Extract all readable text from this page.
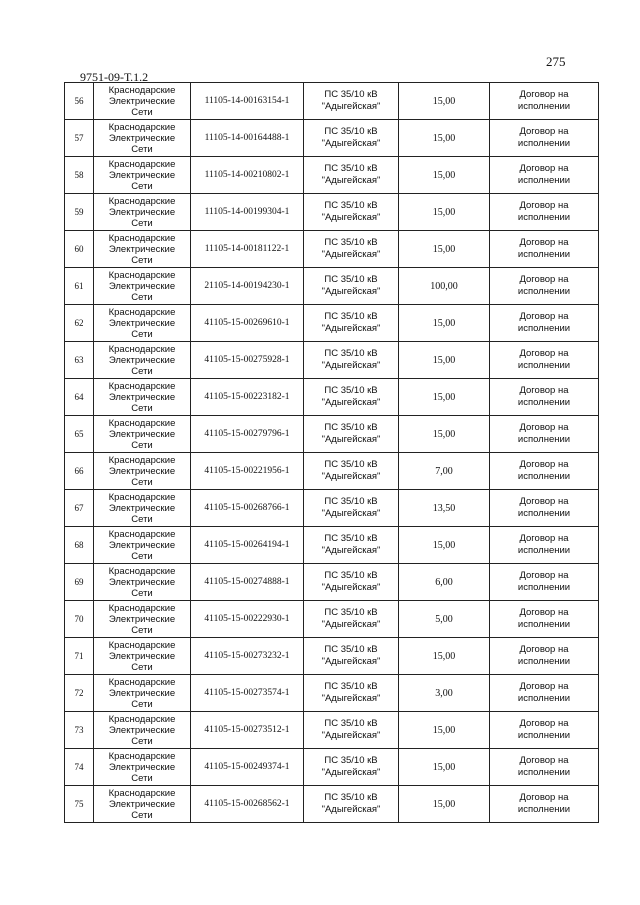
275
9751-09-Т.1.2
56	Краснодарские
Электрические
Сети	11105-14-00163154-1	ПС 35/10 кВ
"Адыгейская"	15,00	Договор на
исполнении

57	Краснодарские
Электрические
Сети	11105-14-00164488-1	ПС 35/10 кВ
"Адыгейская"	15,00	Договор на
исполнении

58	Краснодарские
Электрические
Сети	11105-14-00210802-1	ПС 35/10 кВ
"Адыгейская"	15,00	Договор на
исполнении

59	Краснодарские
Электрические
Сети	11105-14-00199304-1	ПС 35/10 кВ
"Адыгейская"	15,00	Договор на
исполнении

60	Краснодарские
Электрические
Сети	11105-14-00181122-1	ПС 35/10 кВ
"Адыгейская"	15,00	Договор на
исполнении

61	Краснодарские
Электрические
Сети	21105-14-00194230-1	ПС 35/10 кВ
"Адыгейская"	100,00	Договор на
исполнении

62	Краснодарские
Электрические
Сети	41105-15-00269610-1	ПС 35/10 кВ
"Адыгейская"	15,00	Договор на
исполнении

63	Краснодарские
Электрические
Сети	41105-15-00275928-1	ПС 35/10 кВ
"Адыгейская"	15,00	Договор на
исполнении

64	Краснодарские
Электрические
Сети	41105-15-00223182-1	ПС 35/10 кВ
"Адыгейская"	15,00	Договор на
исполнении

65	Краснодарские
Электрические
Сети	41105-15-00279796-1	ПС 35/10 кВ
"Адыгейская"	15,00	Договор на
исполнении

66	Краснодарские
Электрические
Сети	41105-15-00221956-1	ПС 35/10 кВ
"Адыгейская"	7,00	Договор на
исполнении

67	Краснодарские
Электрические
Сети	41105-15-00268766-1	ПС 35/10 кВ
"Адыгейская"	13,50	Договор на
исполнении

68	Краснодарские
Электрические
Сети	41105-15-00264194-1	ПС 35/10 кВ
"Адыгейская"	15,00	Договор на
исполнении

69	Краснодарские
Электрические
Сети	41105-15-00274888-1	ПС 35/10 кВ
"Адыгейская"	6,00	Договор на
исполнении

70	Краснодарские
Электрические
Сети	41105-15-00222930-1	ПС 35/10 кВ
"Адыгейская"	5,00	Договор на
исполнении

71	Краснодарские
Электрические
Сети	41105-15-00273232-1	ПС 35/10 кВ
"Адыгейская"	15,00	Договор на
исполнении

72	Краснодарские
Электрические
Сети	41105-15-00273574-1	ПС 35/10 кВ
"Адыгейская"	3,00	Договор на
исполнении

73	Краснодарские
Электрические
Сети	41105-15-00273512-1	ПС 35/10 кВ
"Адыгейская"	15,00	Договор на
исполнении

74	Краснодарские
Электрические
Сети	41105-15-00249374-1	ПС 35/10 кВ
"Адыгейская"	15,00	Договор на
исполнении

75	Краснодарские
Электрические
Сети	41105-15-00268562-1	ПС 35/10 кВ
"Адыгейская"	15,00	Договор на
исполнении
